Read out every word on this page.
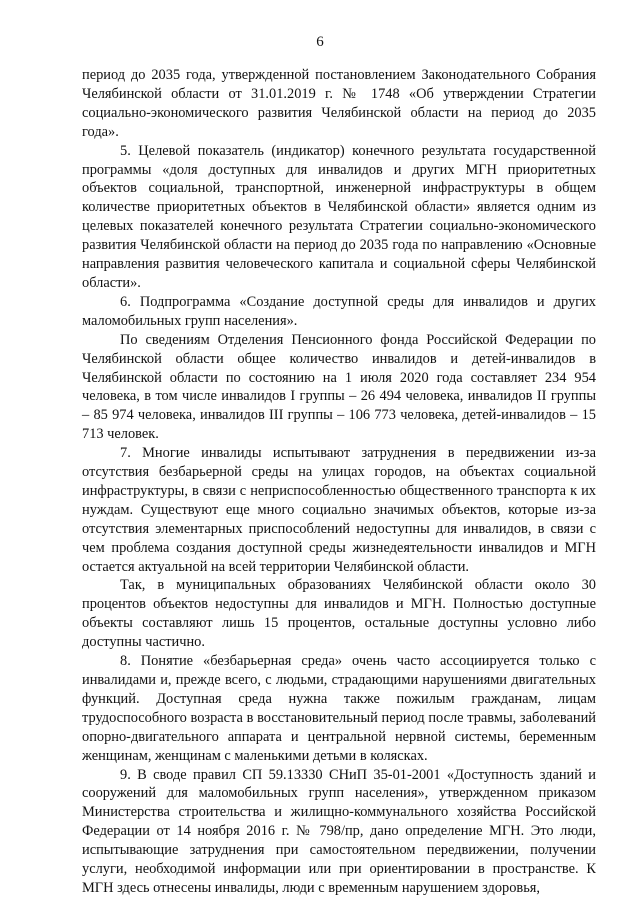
6

период до 2035 года, утвержденной постановлением Законодательного Собрания Челябинской области от 31.01.2019 г. № 1748 «Об утверждении Стратегии социально-экономического развития Челябинской области на период до 2035 года».

5. Целевой показатель (индикатор) конечного результата государственной программы «доля доступных для инвалидов и других МГН приоритетных объектов социальной, транспортной, инженерной инфраструктуры в общем количестве приоритетных объектов в Челябинской области» является одним из целевых показателей конечного результата Стратегии социально-экономического развития Челябинской области на период до 2035 года по направлению «Основные направления развития человеческого капитала и социальной сферы Челябинской области».

6. Подпрограмма «Создание доступной среды для инвалидов и других маломобильных групп населения».

По сведениям Отделения Пенсионного фонда Российской Федерации по Челябинской области общее количество инвалидов и детей-инвалидов в Челябинской области по состоянию на 1 июля 2020 года составляет 234 954 человека, в том числе инвалидов I группы – 26 494 человека, инвалидов II группы – 85 974 человека, инвалидов III группы – 106 773 человека, детей-инвалидов – 15 713 человек.

7. Многие инвалиды испытывают затруднения в передвижении из-за отсутствия безбарьерной среды на улицах городов, на объектах социальной инфраструктуры, в связи с неприспособленностью общественного транспорта к их нуждам. Существуют еще много социально значимых объектов, которые из-за отсутствия элементарных приспособлений недоступны для инвалидов, в связи с чем проблема создания доступной среды жизнедеятельности инвалидов и МГН остается актуальной на всей территории Челябинской области.

Так, в муниципальных образованиях Челябинской области около 30 процентов объектов недоступны для инвалидов и МГН. Полностью доступные объекты составляют лишь 15 процентов, остальные доступны условно либо доступны частично.

8. Понятие «безбарьерная среда» очень часто ассоциируется только с инвалидами и, прежде всего, с людьми, страдающими нарушениями двигательных функций. Доступная среда нужна также пожилым гражданам, лицам трудоспособного возраста в восстановительный период после травмы, заболеваний опорно-двигательного аппарата и центральной нервной системы, беременным женщинам, женщинам с маленькими детьми в колясках.

9. В своде правил СП 59.13330 СНиП 35-01-2001 «Доступность зданий и сооружений для маломобильных групп населения», утвержденном приказом Министерства строительства и жилищно-коммунального хозяйства Российской Федерации от 14 ноября 2016 г. № 798/пр, дано определение МГН. Это люди, испытывающие затруднения при самостоятельном передвижении, получении услуги, необходимой информации или при ориентировании в пространстве. К МГН здесь отнесены инвалиды, люди с временным нарушением здоровья,
